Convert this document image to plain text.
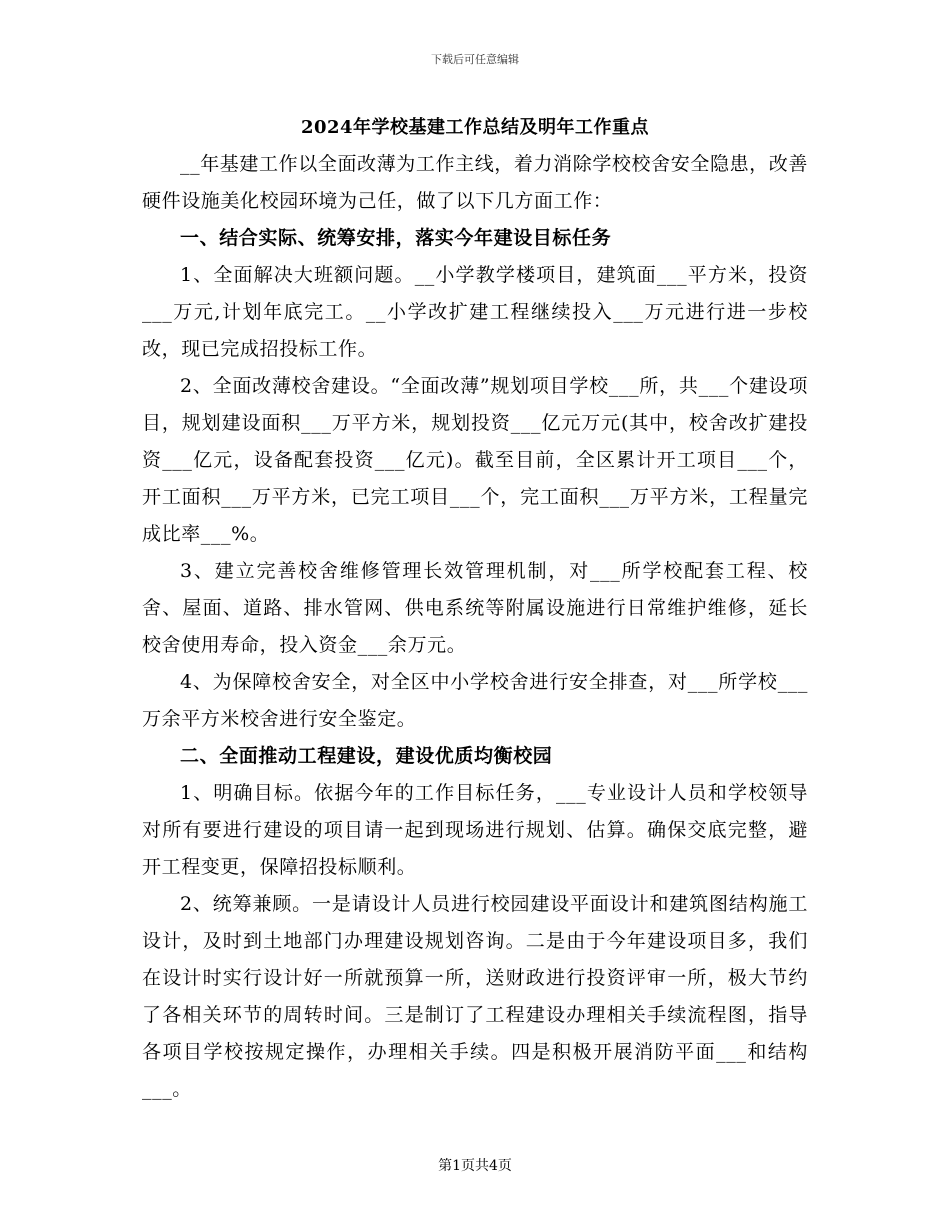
下载后可任意编辑
2024年学校基建工作总结及明年工作重点

__年基建工作以全面改薄为工作主线，着力消除学校校舍安全隐患，改善硬件设施美化校园环境为己任，做了以下几方面工作：

一、结合实际、统筹安排，落实今年建设目标任务

1、全面解决大班额问题。__小学教学楼项目，建筑面___平方米，投资___万元,计划年底完工。__小学改扩建工程继续投入___万元进行进一步校改，现已完成招投标工作。

2、全面改薄校舍建设。“全面改薄”规划项目学校___所，共___个建设项目，规划建设面积___万平方米，规划投资___亿元万元(其中，校舍改扩建投资___亿元，设备配套投资___亿元)。截至目前，全区累计开工项目___个，开工面积___万平方米，已完工项目___个，完工面积___万平方米，工程量完成比率___%。

3、建立完善校舍维修管理长效管理机制，对___所学校配套工程、校舍、屋面、道路、排水管网、供电系统等附属设施进行日常维护维修，延长校舍使用寿命，投入资金___余万元。

4、为保障校舍安全，对全区中小学校舍进行安全排查，对___所学校___万余平方米校舍进行安全鉴定。

二、全面推动工程建设，建设优质均衡校园

1、明确目标。依据今年的工作目标任务，___专业设计人员和学校领导对所有要进行建设的项目请一起到现场进行规划、估算。确保交底完整，避开工程变更，保障招投标顺利。

2、统筹兼顾。一是请设计人员进行校园建设平面设计和建筑图结构施工设计，及时到土地部门办理建设规划咨询。二是由于今年建设项目多，我们在设计时实行设计好一所就预算一所，送财政进行投资评审一所，极大节约了各相关环节的周转时间。三是制订了工程建设办理相关手续流程图，指导各项目学校按规定操作，办理相关手续。四是积极开展消防平面___和结构___。

第1页共4页
